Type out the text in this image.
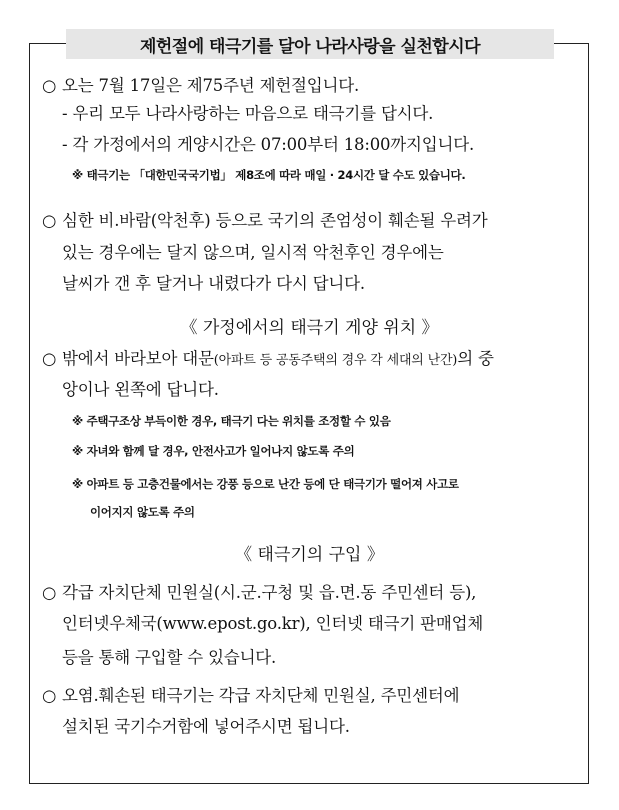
제헌절에 태극기를 달아 나라사랑을 실천합시다
○ 오는 7월 17일은 제75주년 제헌절입니다.
- 우리 모두 나라사랑하는 마음으로 태극기를 답시다.
- 각 가정에서의 게양시간은 07:00부터 18:00까지입니다.
※ 태극기는 「대한민국국기법」 제8조에 따라 매일 · 24시간 달 수도 있습니다.
○ 심한 비.바람(악천후) 등으로 국기의 존엄성이 훼손될 우려가
있는 경우에는 달지 않으며, 일시적 악천후인 경우에는
날씨가 갠 후 달거나 내렸다가 다시 답니다.
《 가정에서의 태극기 게양 위치 》
○ 밖에서 바라보아 대문(아파트 등 공동주택의 경우 각 세대의 난간)의 중
앙이나 왼쪽에 답니다.
※ 주택구조상 부득이한 경우, 태극기 다는 위치를 조정할 수 있음
※ 자녀와 함께 달 경우, 안전사고가 일어나지 않도록 주의
※ 아파트 등 고층건물에서는 강풍 등으로 난간 등에 단 태극기가 떨어져 사고로
이어지지 않도록 주의
《 태극기의 구입 》
○ 각급 자치단체 민원실(시.군.구청 및 읍.면.동 주민센터 등),
인터넷우체국(www.epost.go.kr), 인터넷 태극기 판매업체
등을 통해 구입할 수 있습니다.
○ 오염.훼손된 태극기는 각급 자치단체 민원실, 주민센터에
설치된 국기수거함에 넣어주시면 됩니다.
